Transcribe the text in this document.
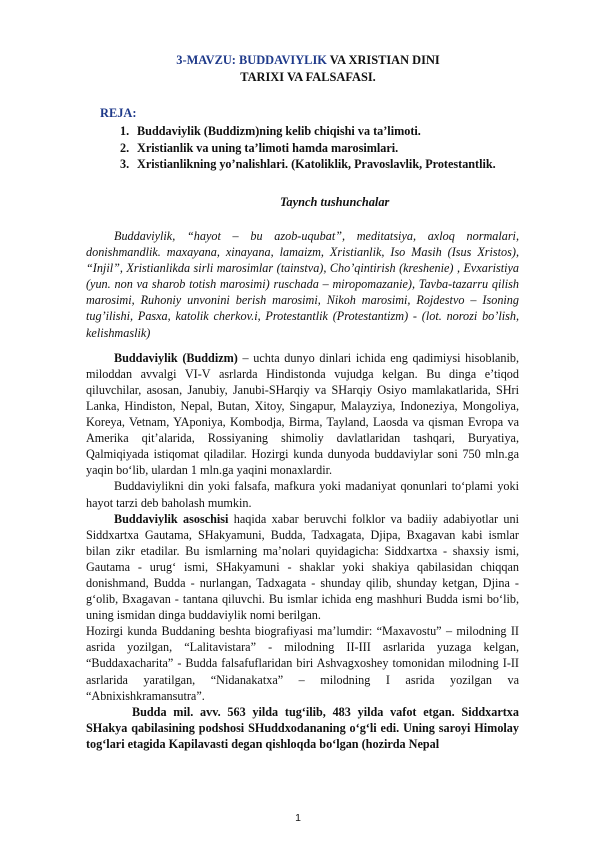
3-MAVZU: BUDDAVIYLIK VA XRISTIAN DINI
TARIXI VA FALSAFASI.
REJA:
1. Buddaviylik (Buddizm)ning kelib chiqishi va ta’limoti.
2. Xristianlik va uning ta’limoti hamda marosimlari.
3. Xristianlikning yo’nalishlari. (Katoliklik, Pravoslavlik, Protestantlik.
Taynch tushunchalar

Buddaviylik, “hayot – bu azob-uqubat”, meditatsiya, axloq normalari, donishmandlik. maxayana, xinayana, lamaizm, Xristianlik, Iso Masih (Isus Xristos), “Injil”, Xristianlikda sirli marosimlar (tainstva), Cho’qintirish (kreshenie) , Evxaristiya (yun. non va sharob totish marosimi) ruschada – miropomazanie), Tavba-tazarru qilish marosimi, Ruhoniy unvonini berish marosimi, Nikoh marosimi, Rojdestvo – Isoning tug’ilishi, Pasxa, katolik cherkov.i, Protestantlik (Protestantizm) - (lot. norozi bo’lish, kelishmaslik)

Buddaviylik (Buddizm) – uchta dunyo dinlari ichida eng qadimiysi hisoblanib, miloddan avvalgi VI-V asrlarda Hindistonda vujudga kelgan. Bu dinga e’tiqod qiluvchilar, asosan, Janubiy, Janubi-SHarqiy va SHarqiy Osiyo mamlakatlarida, SHri Lanka, Hindiston, Nepal, Butan, Xitoy, Singapur, Malayziya, Indoneziya, Mongoliya, Koreya, Vetnam, YAponiya, Kombodja, Birma, Tayland, Laosda va qisman Evropa va Amerika qit’alarida, Rossiyaning shimoliy davlatlaridan tashqari, Buryatiya, Qalmiqiyada istiqomat qiladilar. Hozirgi kunda dunyoda buddaviylar soni 750 mln.ga yaqin bo‘lib, ulardan 1 mln.ga yaqini monaxlardir.

Buddaviylikni din yoki falsafa, mafkura yoki madaniyat qonunlari to‘plami yoki hayot tarzi deb baholash mumkin.

Buddaviylik asoschisi haqida xabar beruvchi folklor va badiiy adabiyotlar uni Siddxartxa Gautama, SHakyamuni, Budda, Tadxagata, Djipa, Bxagavan kabi ismlar bilan zikr etadilar. Bu ismlarning ma’nolari quyidagicha: Siddxartxa - shaxsiy ismi, Gautama - urug‘ ismi, SHakyamuni - shaklar yoki shakiya qabilasidan chiqqan donishmand, Budda - nurlangan, Tadxagata - shunday qilib, shunday ketgan, Djina - g‘olib, Bxagavan - tantana qiluvchi. Bu ismlar ichida eng mashhuri Budda ismi bo‘lib, uning ismidan dinga buddaviylik nomi berilgan.

Hozirgi kunda Buddaning beshta biografiyasi ma’lumdir: “Maxavostu” – milodning II asrida yozilgan, “Lalitavistara” - milodning II-III asrlarida yuzaga kelgan, “Buddaxacharita” - Budda falsafuflaridan biri Ashvagxoshey tomonidan milodning I-II asrlarida yaratilgan, “Nidanakatxa” – milodning I asrida yozilgan va “Abnixishkramansutra”.

Budda mil. avv. 563 yilda tug‘ilib, 483 yilda vafot etgan. Siddxartxa SHakya qabilasining podshosi SHuddxodananing o‘g‘li edi. Uning saroyi Himolay tog‘lari etagida Kapilavasti degan qishloqda bo‘lgan (hozirda Nepal

1
